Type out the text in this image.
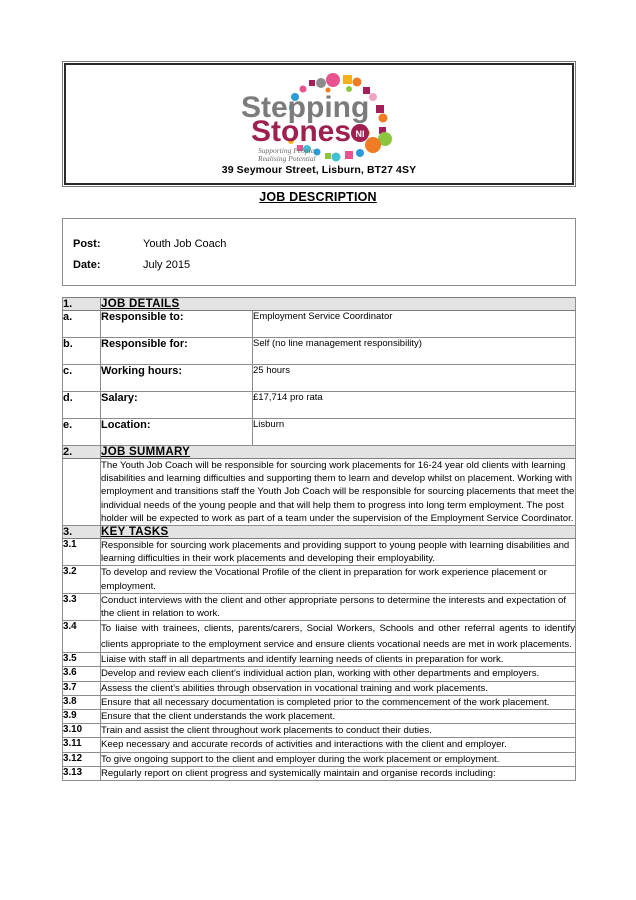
Stepping
Stones NI
Supporting People,
Realising Potential
39 Seymour Street, Lisburn, BT27 4SY
JOB DESCRIPTION
Post:	Youth Job Coach
Date:	July 2015
1.	JOB DETAILS	
a.	Responsible to:	Employment Service Coordinator
b.	Responsible for:	Self (no line management responsibility)
c.	Working hours:	25 hours
d.	Salary:	£17,714 pro rata
e.	Location:	Lisburn
2.	JOB SUMMARY	
	The Youth Job Coach will be responsible for sourcing work placements for 16-24 year old clients with learning disabilities and learning difficulties and supporting them to learn and develop whilst on placement. Working with employment and transitions staff the Youth Job Coach will be responsible for sourcing placements that meet the individual needs of the young people and that will help them to progress into long term employment. The post holder will be expected to work as part of a team under the supervision of the Employment Service Coordinator.	
3.	KEY TASKS	
3.1	Responsible for sourcing work placements and providing support to young people with learning disabilities and learning difficulties in their work placements and developing their employability.	
3.2	To develop and review the Vocational Profile of the client in preparation for work experience placement or employment.	
3.3	Conduct interviews with the client and other appropriate persons to determine the interests and expectation of the client in relation to work.	
3.4	To liaise with trainees, clients, parents/carers, Social Workers, Schools and other referral agents to identify clients appropriate to the employment service and ensure clients vocational needs are met in work placements.	
3.5	Liaise with staff in all departments and identify learning needs of clients in preparation for work.	
3.6	Develop and review each client’s individual action plan, working with other departments and employers.	
3.7	Assess the client’s abilities through observation in vocational training and work placements.	
3.8	Ensure that all necessary documentation is completed prior to the commencement of the work placement.	
3.9	Ensure that the client understands the work placement.	
3.10	Train and assist the client throughout work placements to conduct their duties.	
3.11	Keep necessary and accurate records of activities and interactions with the client and employer.	
3.12	To give ongoing support to the client and employer during the work placement or employment.	
3.13	Regularly report on client progress and systemically maintain and organise records including:	
